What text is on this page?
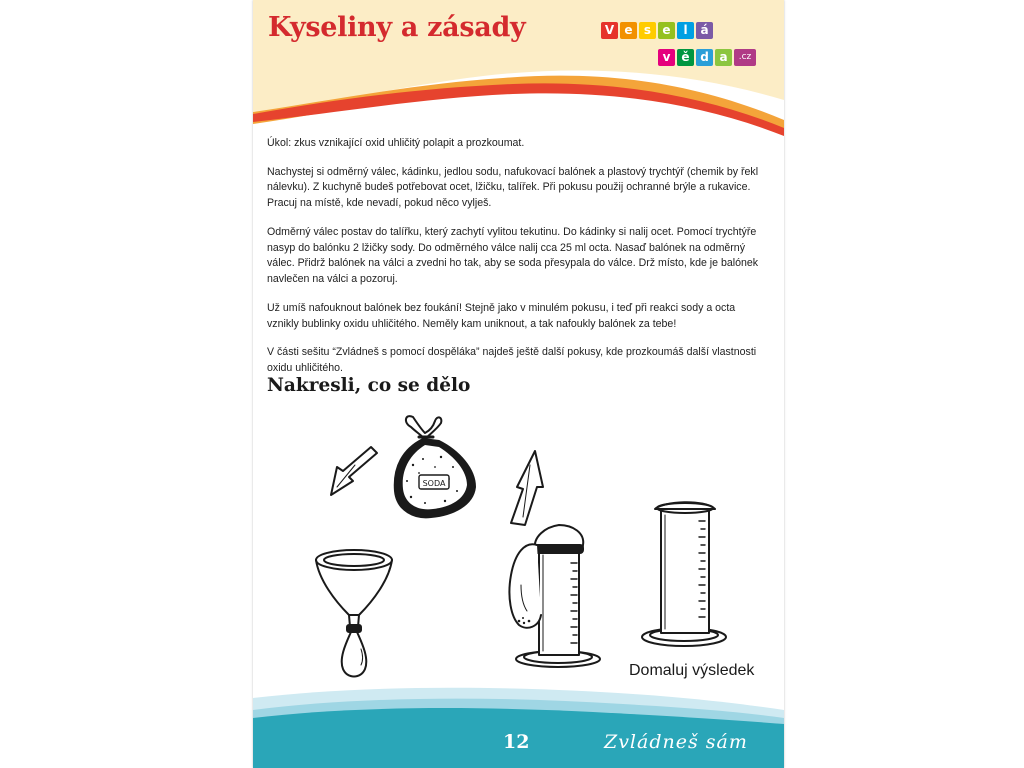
Kyseliny a zásady	V e s e	l	á
v ě d a	.cz

Úkol: zkus vznikající oxid uhličitý polapit a prozkoumat.

Nachystej si odměrný válec, kádinku, jedlou sodu, nafukovací balónek a plastový trychtýř (chemik by řekl nálevku). Z kuchyně budeš potřebovat ocet, lžičku, talířek. Při pokusu použij ochranné brýle a rukavice. Pracuj na místě, kde nevadí, pokud něco vylješ.

Odměrný válec postav do talířku, který zachytí vylitou tekutinu. Do kádinky si nalij ocet. Pomocí trychtýře nasyp do balónku 2 lžičky sody. Do odměrného válce nalij cca 25 ml octa. Nasaď balónek na odměrný válec. Přidrž balónek na válci a zvedni ho tak, aby se soda přesypala do válce. Drž místo, kde je balónek navlečen na válci a pozoruj.

Už umíš nafouknout balónek bez foukání! Stejně jako v minulém pokusu, i teď při reakci sody a octa vznikly bublinky oxidu uhličitého. Neměly kam uniknout, a tak nafoukly balónek za tebe!

V části sešitu “Zvládneš s pomocí dospěláka” najdeš ještě další pokusy, kde prozkoumáš další vlastnosti oxidu uhličitého.

Nakresli, co se dělo
SODA
Domaluj výsledek
12	Zvládneš sám
